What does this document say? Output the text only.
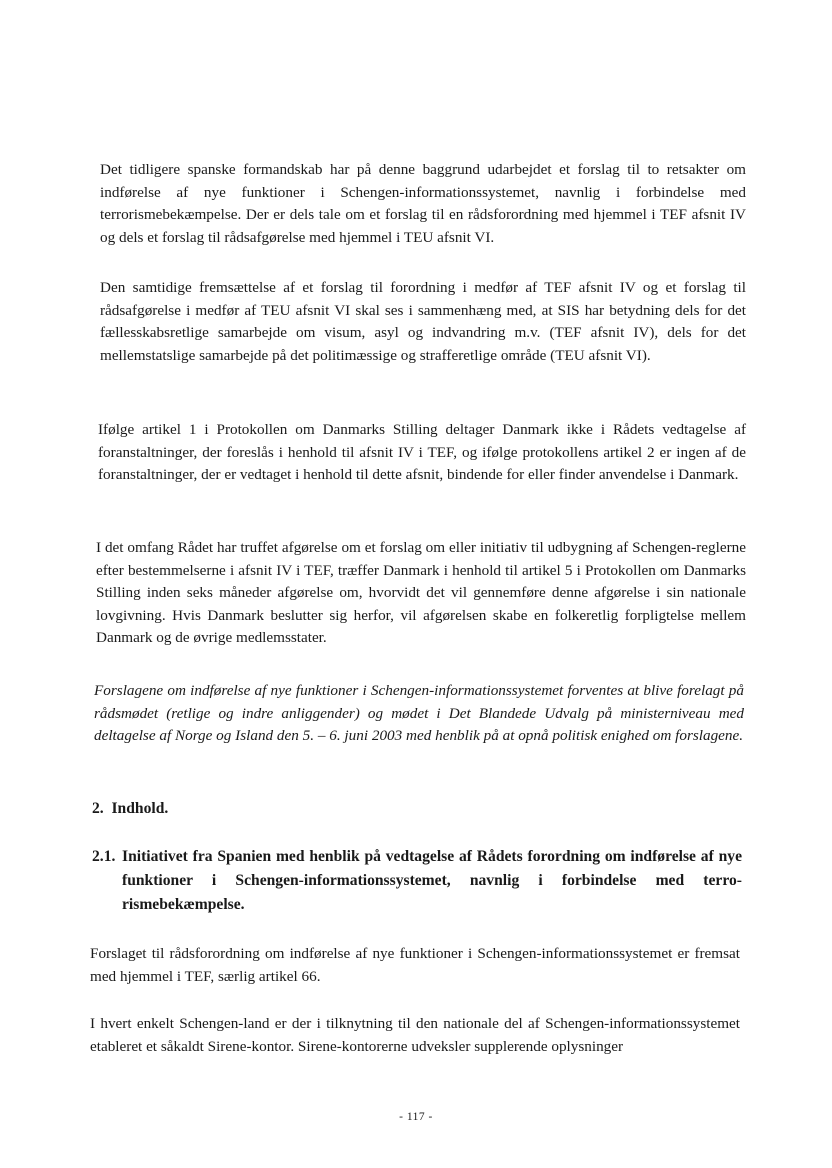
Det tidligere spanske formandskab har på denne baggrund udarbejdet et forslag til to retsakter om indførelse af nye funktioner i Schengen-informationssystemet, navnlig i forbindelse med terrorismebekæmpelse. Der er dels tale om et forslag til en rådsforordning med hjemmel i TEF afsnit IV og dels et forslag til rådsafgørelse med hjemmel i TEU afsnit VI.

Den samtidige fremsættelse af et forslag til forordning i medfør af TEF afsnit IV og et forslag til rådsafgørelse i medfør af TEU afsnit VI skal ses i sammenhæng med, at SIS har betydning dels for det fællesskabsretlige samarbejde om visum, asyl og indvandring m.v. (TEF afsnit IV), dels for det mellemstatslige samarbejde på det politimæssige og strafferetlige område (TEU afsnit VI).

Ifølge artikel 1 i Protokollen om Danmarks Stilling deltager Danmark ikke i Rådets vedtagelse af foranstaltninger, der foreslås i henhold til afsnit IV i TEF, og ifølge protokollens artikel 2 er ingen af de foranstaltninger, der er vedtaget i henhold til dette afsnit, bindende for eller finder anvendelse i Danmark.

I det omfang Rådet har truffet afgørelse om et forslag om eller initiativ til udbygning af Schengen-reglerne efter bestemmelserne i afsnit IV i TEF, træffer Danmark i henhold til artikel 5 i Protokollen om Danmarks Stilling inden seks måneder afgørelse om, hvorvidt det vil gennemføre denne afgørelse i sin nationale lovgivning. Hvis Danmark beslutter sig herfor, vil afgørelsen skabe en folkeretlig forpligtelse mellem Danmark og de øvrige medlemsstater.

Forslagene om indførelse af nye funktioner i Schengen-informationssystemet forventes at blive forelagt på rådsmødet (retlige og indre anliggender) og mødet i Det Blandede Udvalg på ministerniveau med deltagelse af Norge og Island den 5. – 6. juni 2003 med henblik på at opnå politisk enighed om forslagene.

2.  Indhold.
2.1. Initiativet fra Spanien med henblik på vedtagelse af Rådets forordning om indførelse af nye funktioner i Schengen-informationssystemet, navnlig i forbindelse med terrorismebekæmpelse.

Forslaget til rådsforordning om indførelse af nye funktioner i Schengen-informationssystemet er fremsat med hjemmel i TEF, særlig artikel 66.

I hvert enkelt Schengen-land er der i tilknytning til den nationale del af Schengen-informationssystemet etableret et såkaldt Sirene-kontor. Sirene-kontorerne udveksler supplerende oplysninger

- 117 -
